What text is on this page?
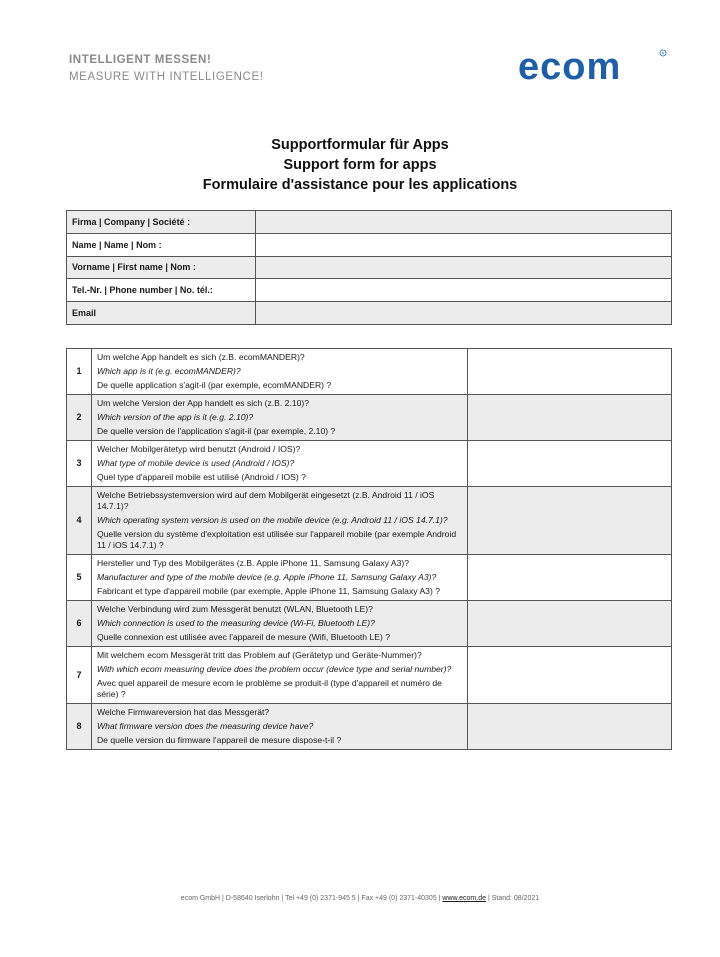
INTELLIGENT MESSEN!
MEASURE WITH INTELLIGENCE!	ecom	R
Supportformular für Apps
Support form for apps
Formulaire d'assistance pour les applications
Firma | Company | Société :	
Name | Name | Nom :	
Vorname | First name | Nom :	
Tel.-Nr. | Phone number | No. tél.:	
Email	
1	Um welche App handelt es sich (z.B. ecomMANDER)?

Which app is it (e.g. ecomMANDER)?

De quelle application s'agit-il (par exemple, ecomMANDER) ?	

2	Um welche Version der App handelt es sich (z.B. 2.10)?

Which version of the app is it (e.g. 2.10)?

De quelle version de l'application s'agit-il (par exemple, 2.10) ?	

3	Welcher Mobilgerätetyp wird benutzt (Android / IOS)?

What type of mobile device is used (Android / IOS)?

Quel type d'appareil mobile est utilisé (Android / IOS) ?	

4	Welche Betriebssystemversion wird auf dem Mobilgerät eingesetzt (z.B. Android 11 / iOS 14.7.1)?

Which operating system version is used on the mobile device (e.g. Android 11 / iOS 14.7.1)?

Quelle version du système d'exploitation est utilisée sur l'appareil mobile (par exemple Android 11 / iOS 14.7.1) ?	

5	Hersteller und Typ des Mobilgerätes (z.B. Apple iPhone 11, Samsung Galaxy A3)?

Manufacturer and type of the mobile device (e.g. Apple iPhone 11, Samsung Galaxy A3)?

Fabricant et type d'appareil mobile (par exemple, Apple iPhone 11, Samsung Galaxy A3) ?	

6	Welche Verbindung wird zum Messgerät benutzt (WLAN, Bluetooth LE)?

Which connection is used to the measuring device (Wi-Fi, Bluetooth LE)?

Quelle connexion est utilisée avec l'appareil de mesure (Wifi, Bluetooth LE) ?	

7	Mit welchem ecom Messgerät tritt das Problem auf (Gerätetyp und Geräte-Nummer)?

With which ecom measuring device does the problem occur (device type and serial number)?

Avec quel appareil de mesure ecom le problème se produit-il (type d'appareil et numéro de série) ?	

8	Welche Firmwareversion hat das Messgerät?

What firmware version does the measuring device have?

De quelle version du firmware l'appareil de mesure dispose-t-il ?	

ecom GmbH | D-58640 Iserlohn | Tel +49 (0) 2371-945 5 | Fax +49 (0) 2371-40305 | www.ecom.de | Stand: 08/2021
